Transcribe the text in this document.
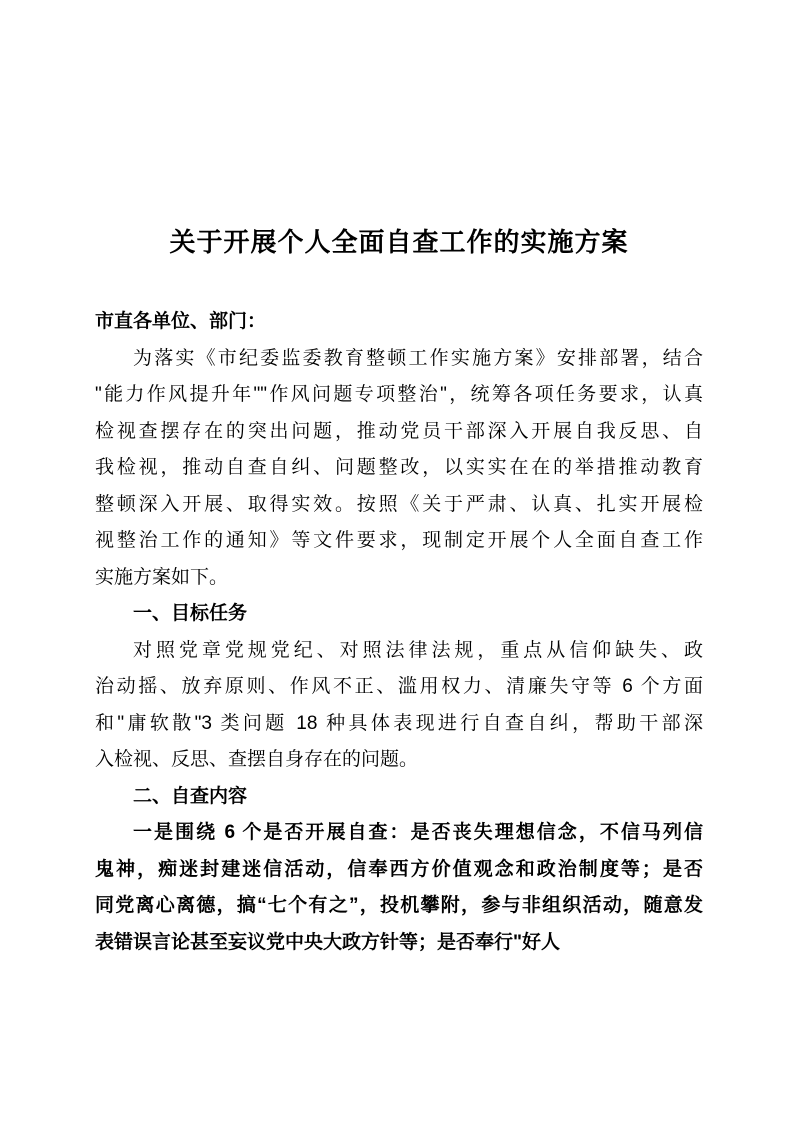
关于开展个人全面自查工作的实施方案
市直各单位、部门：
为落实《市纪委监委教育整顿工作实施方案》安排部署，结合
"能力作风提升年""作风问题专项整治"，统筹各项任务要求，认真
检视查摆存在的突出问题，推动党员干部深入开展自我反思、自
我检视，推动自查自纠、问题整改，以实实在在的举措推动教育
整顿深入开展、取得实效。按照《关于严肃、认真、扎实开展检
视整治工作的通知》等文件要求，现制定开展个人全面自查工作
实施方案如下。
一、目标任务
对照党章党规党纪、对照法律法规，重点从信仰缺失、政
治动摇、放弃原则、作风不正、滥用权力、清廉失守等 6 个方面
和"庸软散"3 类问题 18 种具体表现进行自查自纠，帮助干部深
入检视、反思、查摆自身存在的问题。
二、自查内容
一是围绕 6 个是否开展自查：是否丧失理想信念，不信马列信
鬼神，痴迷封建迷信活动，信奉西方价值观念和政治制度等；是否
同党离心离德，搞“七个有之”，投机攀附，参与非组织活动，随意发
表错误言论甚至妄议党中央大政方针等；是否奉行"好人
